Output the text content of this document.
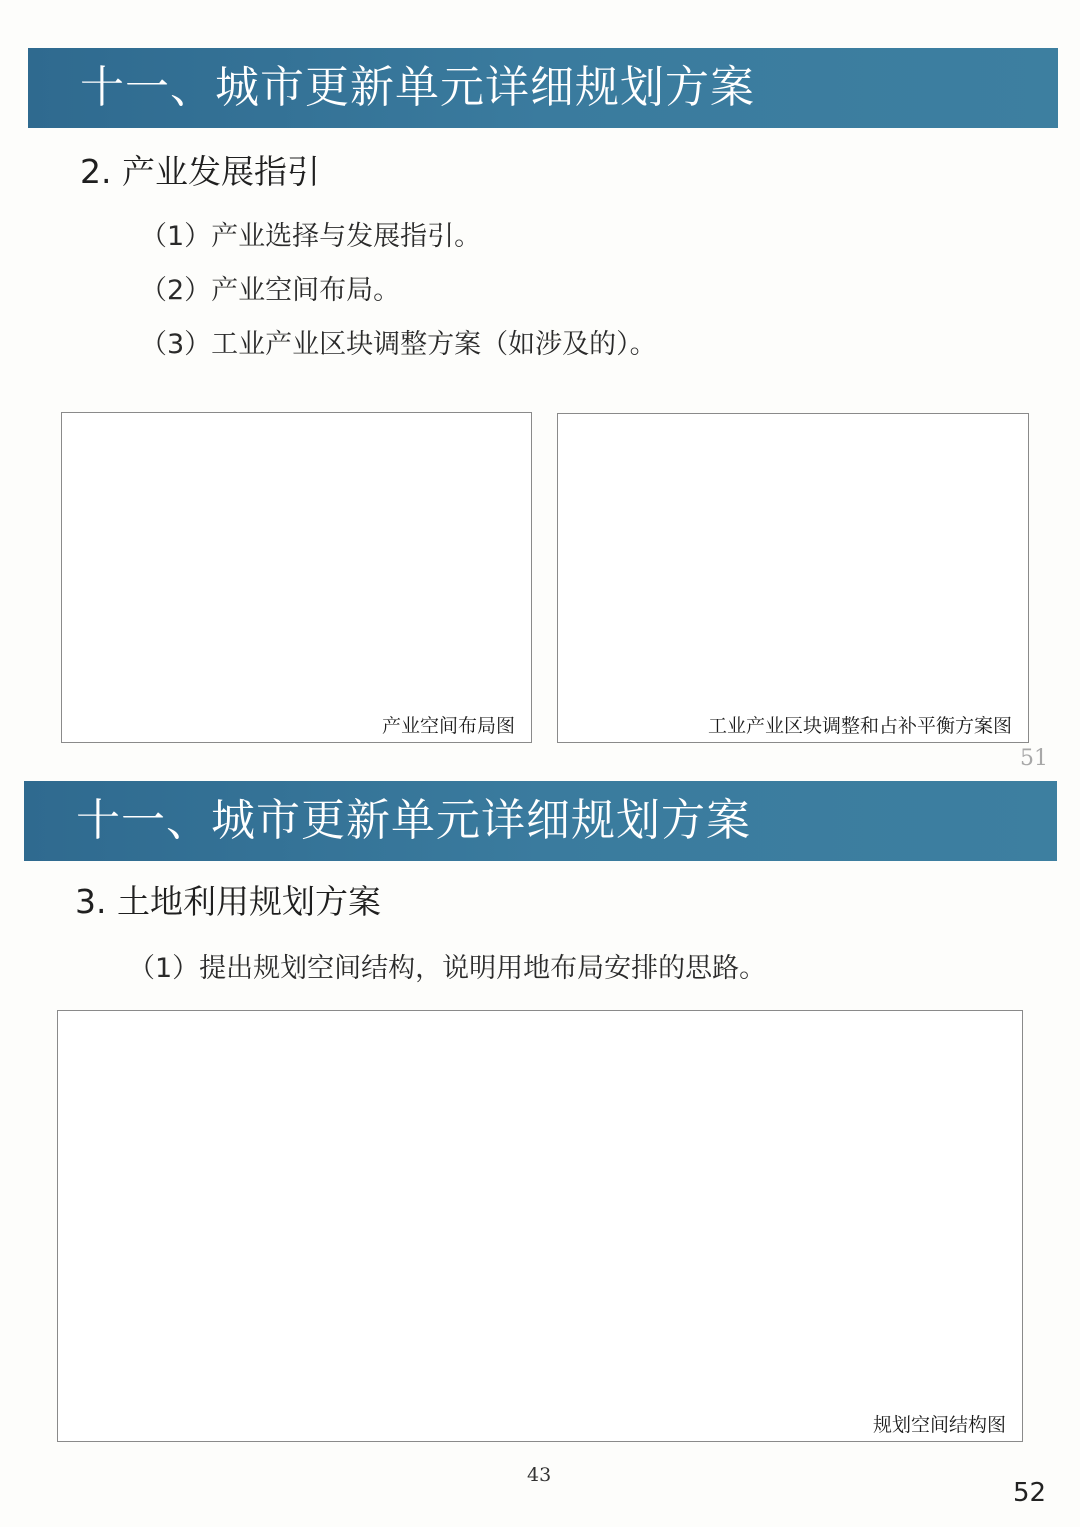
十一、城市更新单元详细规划方案
2. 产业发展指引
（1）产业选择与发展指引。
（2）产业空间布局。
（3）工业产业区块调整方案（如涉及的）。
产业空间布局图	工业产业区块调整和占补平衡方案图
51
十一、城市更新单元详细规划方案
3. 土地利用规划方案
（1）提出规划空间结构，说明用地布局安排的思路。
规划空间结构图
43
52
